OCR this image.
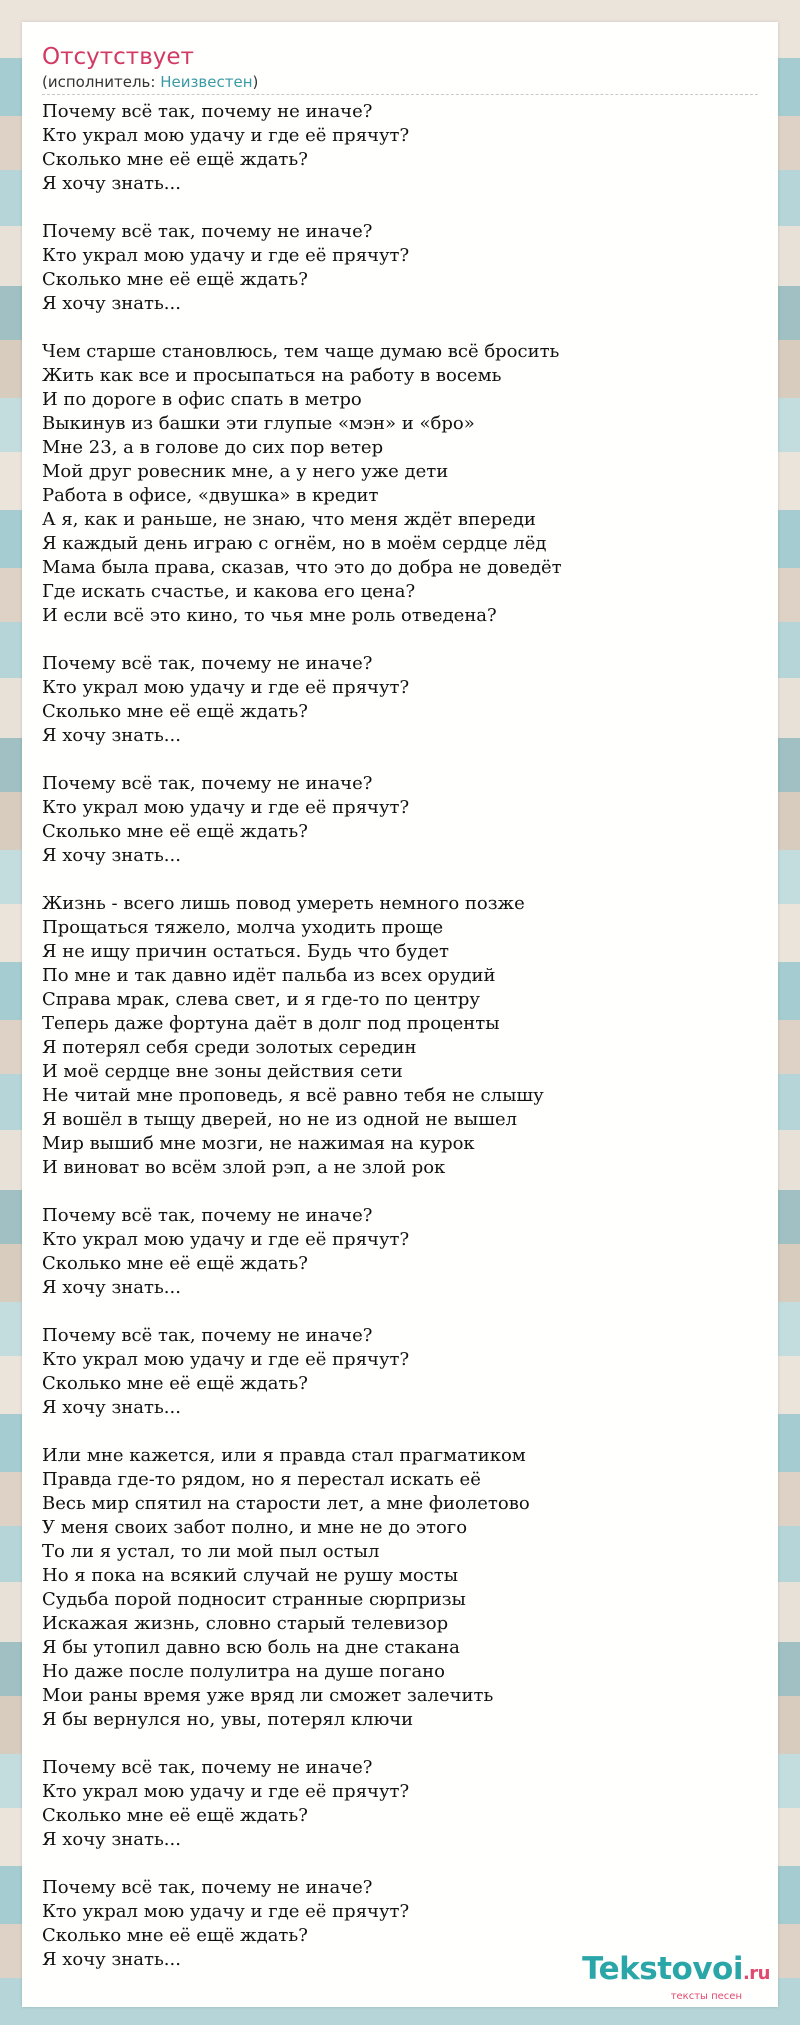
Отсутствует
(исполнитель: Неизвестен)
Почему всё так, почему не иначе?
Кто украл мою удачу и где её прячут?
Сколько мне её ещё ждать?
Я хочу знать...
Почему всё так, почему не иначе?
Кто украл мою удачу и где её прячут?
Сколько мне её ещё ждать?
Я хочу знать...
Чем старше становлюсь, тем чаще думаю всё бросить
Жить как все и просыпаться на работу в восемь
И по дороге в офис спать в метро
Выкинув из башки эти глупые «мэн» и «бро»
Мне 23, а в голове до сих пор ветер
Мой друг ровесник мне, а у него уже дети
Работа в офисе, «двушка» в кредит
А я, как и раньше, не знаю, что меня ждёт впереди
Я каждый день играю с огнём, но в моём сердце лёд
Мама была права, сказав, что это до добра не доведёт
Где искать счастье, и какова его цена?
И если всё это кино, то чья мне роль отведена?
Почему всё так, почему не иначе?
Кто украл мою удачу и где её прячут?
Сколько мне её ещё ждать?
Я хочу знать...
Почему всё так, почему не иначе?
Кто украл мою удачу и где её прячут?
Сколько мне её ещё ждать?
Я хочу знать...
Жизнь - всего лишь повод умереть немного позже
Прощаться тяжело, молча уходить проще
Я не ищу причин остаться. Будь что будет
По мне и так давно идёт пальба из всех орудий
Справа мрак, слева свет, и я где-то по центру
Теперь даже фортуна даёт в долг под проценты
Я потерял себя среди золотых середин
И моё сердце вне зоны действия сети
Не читай мне проповедь, я всё равно тебя не слышу
Я вошёл в тыщу дверей, но не из одной не вышел
Мир вышиб мне мозги, не нажимая на курок
И виноват во всём злой рэп, а не злой рок
Почему всё так, почему не иначе?
Кто украл мою удачу и где её прячут?
Сколько мне её ещё ждать?
Я хочу знать...
Почему всё так, почему не иначе?
Кто украл мою удачу и где её прячут?
Сколько мне её ещё ждать?
Я хочу знать...
Или мне кажется, или я правда стал прагматиком
Правда где-то рядом, но я перестал искать её
Весь мир спятил на старости лет, а мне фиолетово
У меня своих забот полно, и мне не до этого
То ли я устал, то ли мой пыл остыл
Но я пока на всякий случай не рушу мосты
Судьба порой подносит странные сюрпризы
Искажая жизнь, словно старый телевизор
Я бы утопил давно всю боль на дне стакана
Но даже после полулитра на душе погано
Мои раны время уже вряд ли сможет залечить
Я бы вернулся но, увы, потерял ключи
Почему всё так, почему не иначе?
Кто украл мою удачу и где её прячут?
Сколько мне её ещё ждать?
Я хочу знать...
Почему всё так, почему не иначе?
Кто украл мою удачу и где её прячут?
Сколько мне её ещё ждать?
Я хочу знать...	Tekstovoi.ru
тексты песен
